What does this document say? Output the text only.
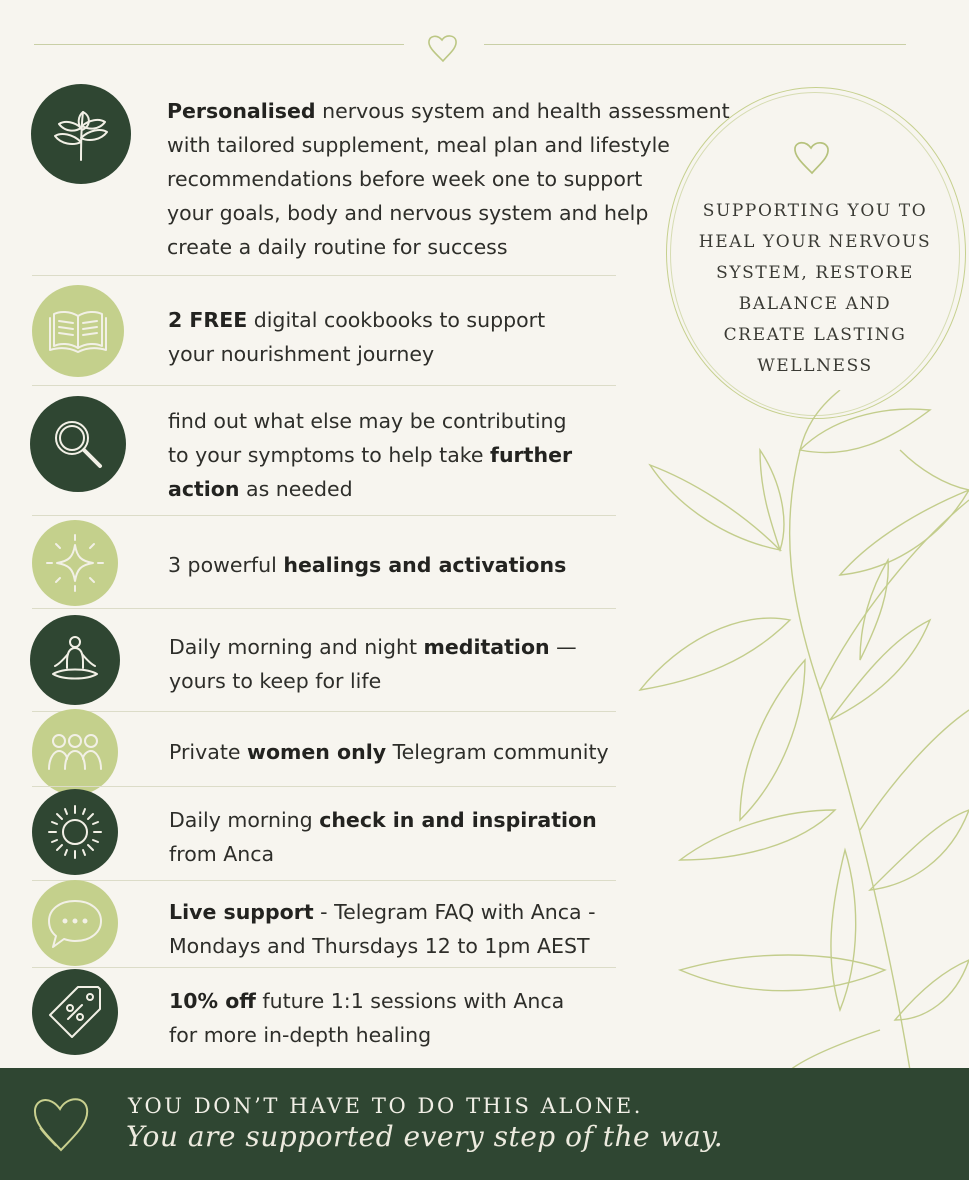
Personalised nervous system and health assessment
with tailored supplement, meal plan and lifestyle
recommendations before week one to support
your goals, body and nervous system and help
create a daily routine for success
2 FREE digital cookbooks to support
your nourishment journey
find out what else may be contributing
to your symptoms to help take further
action as needed
3 powerful healings and activations
Daily morning and night meditation —
yours to keep for life
Private women only Telegram community
Daily morning check in and inspiration
from Anca
Live support - Telegram FAQ with Anca -
Mondays and Thursdays 12 to 1pm AEST
10% off future 1:1 sessions with Anca
for more in-depth healing
SUPPORTING YOU TO
HEAL YOUR NERVOUS
SYSTEM, RESTORE
BALANCE AND
CREATE LASTING
WELLNESS
YOU DON’T HAVE TO DO THIS ALONE.
You are supported every step of the way.
